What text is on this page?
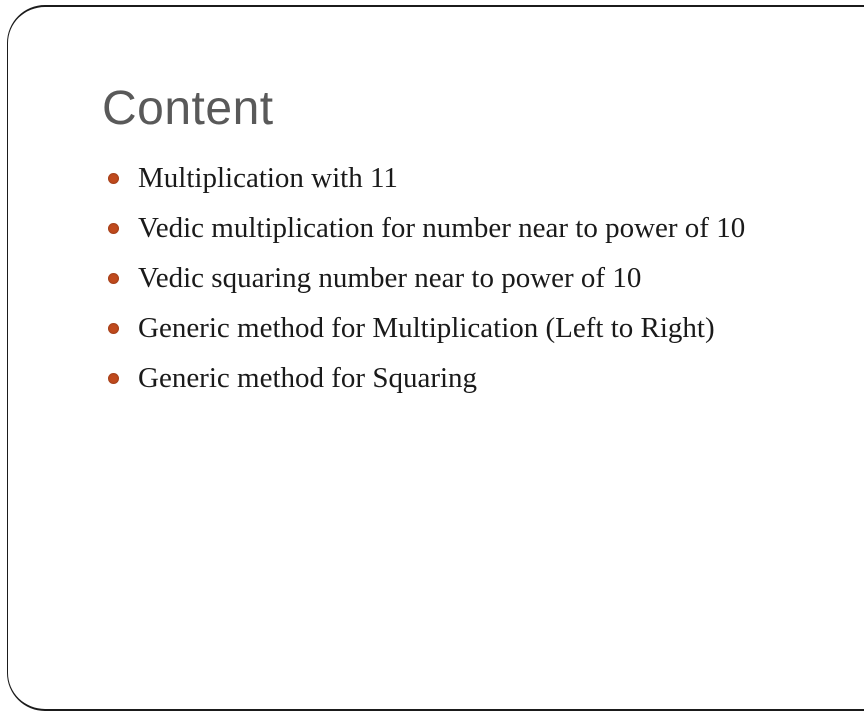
Content
Multiplication with 11
Vedic multiplication for number near to power of 10
Vedic squaring number near to power of 10
Generic method for Multiplication (Left to Right)
Generic method for Squaring
